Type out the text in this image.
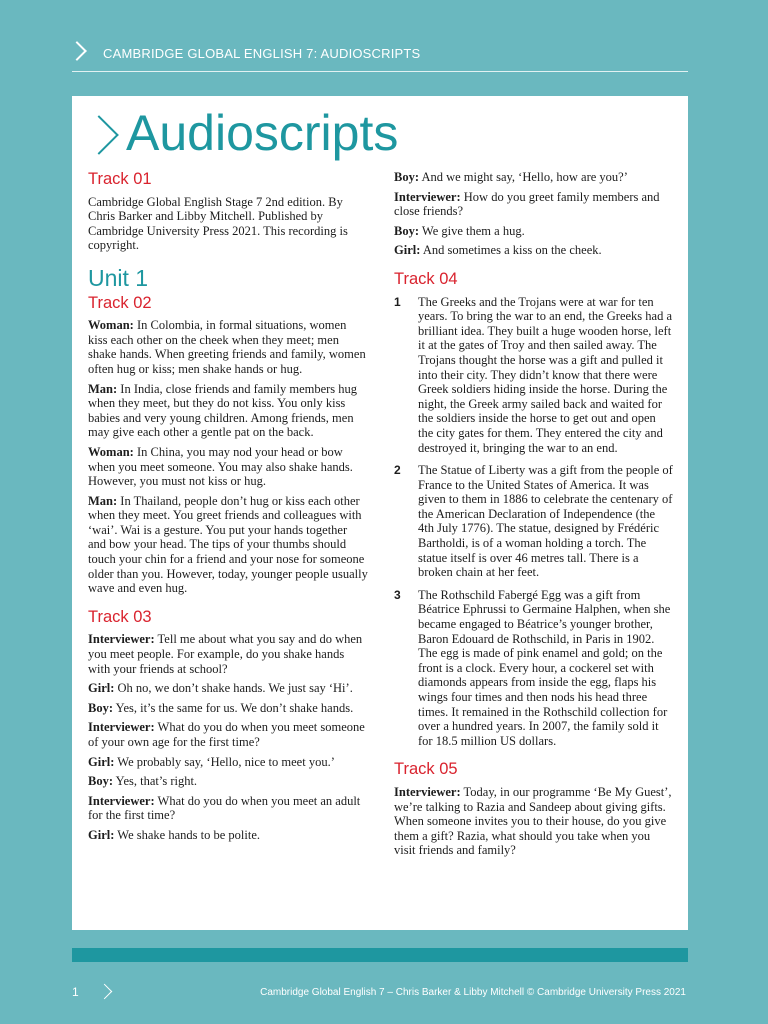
CAMBRIDGE GLOBAL ENGLISH 7: AUDIOSCRIPTS
Audioscripts
Track 01

Cambridge Global English Stage 7 2nd edition. By Chris Barker and Libby Mitchell. Published by Cambridge University Press 2021. This recording is copyright.

Unit 1
Track 02

Woman: In Colombia, in formal situations, women kiss each other on the cheek when they meet; men shake hands. When greeting friends and family, women often hug or kiss; men shake hands or hug.

Man: In India, close friends and family members hug when they meet, but they do not kiss. You only kiss babies and very young children. Among friends, men may give each other a gentle pat on the back.

Woman: In China, you may nod your head or bow when you meet someone. You may also shake hands. However, you must not kiss or hug.

Man: In Thailand, people don’t hug or kiss each other when they meet. You greet friends and colleagues with ‘wai’. Wai is a gesture. You put your hands together and bow your head. The tips of your thumbs should touch your chin for a friend and your nose for someone older than you. However, today, younger people usually wave and even hug.

Track 03

Interviewer: Tell me about what you say and do when you meet people. For example, do you shake hands with your friends at school?

Girl: Oh no, we don’t shake hands. We just say ‘Hi’.

Boy: Yes, it’s the same for us. We don’t shake hands.

Interviewer: What do you do when you meet someone of your own age for the first time?

Girl: We probably say, ‘Hello, nice to meet you.’

Boy: Yes, that’s right.

Interviewer: What do you do when you meet an adult for the first time?

Girl: We shake hands to be polite.

Boy: And we might say, ‘Hello, how are you?’

Interviewer: How do you greet family members and close friends?

Boy: We give them a hug.

Girl: And sometimes a kiss on the cheek.

Track 04
1	The Greeks and the Trojans were at war for ten years. To bring the war to an end, the Greeks had a brilliant idea. They built a huge wooden horse, left it at the gates of Troy and then sailed away. The Trojans thought the horse was a gift and pulled it into their city. They didn’t know that there were Greek soldiers hiding inside the horse. During the night, the Greek army sailed back and waited for the soldiers inside the horse to get out and open the city gates for them. They entered the city and destroyed it, bringing the war to an end.
2	The Statue of Liberty was a gift from the people of France to the United States of America. It was given to them in 1886 to celebrate the centenary of the American Declaration of Independence (the 4th July 1776). The statue, designed by Frédéric Bartholdi, is of a woman holding a torch. The statue itself is over 46 metres tall. There is a broken chain at her feet.
3	The Rothschild Fabergé Egg was a gift from Béatrice Ephrussi to Germaine Halphen, when she became engaged to Béatrice’s younger brother, Baron Edouard de Rothschild, in Paris in 1902. The egg is made of pink enamel and gold; on the front is a clock. Every hour, a cockerel set with diamonds appears from inside the egg, flaps his wings four times and then nods his head three times. It remained in the Rothschild collection for over a hundred years. In 2007, the family sold it for 18.5 million US dollars.
Track 05

Interviewer: Today, in our programme ‘Be My Guest’, we’re talking to Razia and Sandeep about giving gifts. When someone invites you to their house, do you give them a gift? Razia, what should you take when you visit friends and family?

1	Cambridge Global English 7 – Chris Barker & Libby Mitchell © Cambridge University Press 2021
